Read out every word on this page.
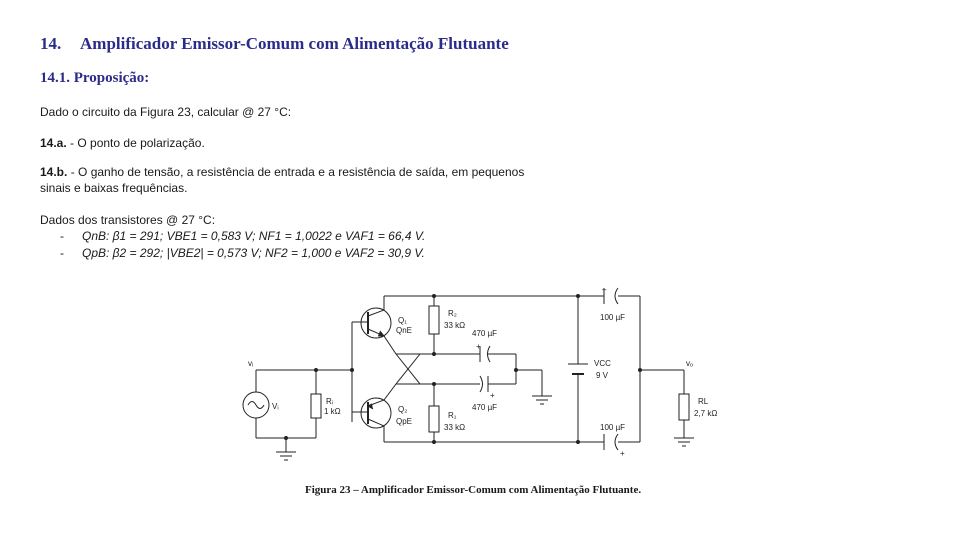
14. Amplificador Emissor-Comum com Alimentação Flutuante
14.1. Proposição:
Dado o circuito da Figura 23, calcular @ 27 °C:
14.a. - O ponto de polarização.
14.b. - O ganho de tensão, a resistência de entrada e a resistência de saída, em pequenos sinais e baixas frequências.
Dados dos transistores @ 27 °C:
- QnB: β1 = 291; VBE1 = 0,583 V; NF1 = 1,0022 e VAF1 = 66,4 V.
- QpB: β2 = 292; |VBE2| = 0,573 V; NF2 = 1,000 e VAF2 = 30,9 V.
vᵢ
Vᵢ
Rᵢ
1 kΩ
Q₁
QnE
Q₂
QpE
R₂
33 kΩ
R₁
33 kΩ
470 µF
+
+
470 µF
100 µF
–
100 µF
+
VCC
9 V
vₒ
RL
2,7 kΩ
Figura 23 – Amplificador Emissor-Comum com Alimentação Flutuante.
